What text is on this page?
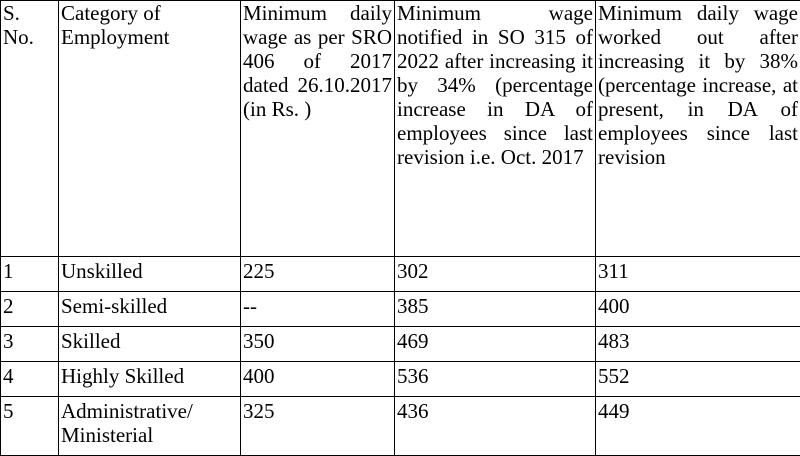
S. No.	Category of Employment	Minimum daily wage as per SRO 406 of 2017 dated 26.10.2017 (in Rs. )	Minimum wage notified in SO 315 of 2022 after increasing it by 34% (percentage increase in DA of employees since last revision i.e. Oct. 2017	Minimum daily wage worked out after increasing it by 38% (percentage increase, at present, in DA of employees since last revision
1	Unskilled	225	302	311
2	Semi-skilled	--	385	400
3	Skilled	350	469	483
4	Highly Skilled	400	536	552
5	Administrative/ Ministerial	325	436	449
